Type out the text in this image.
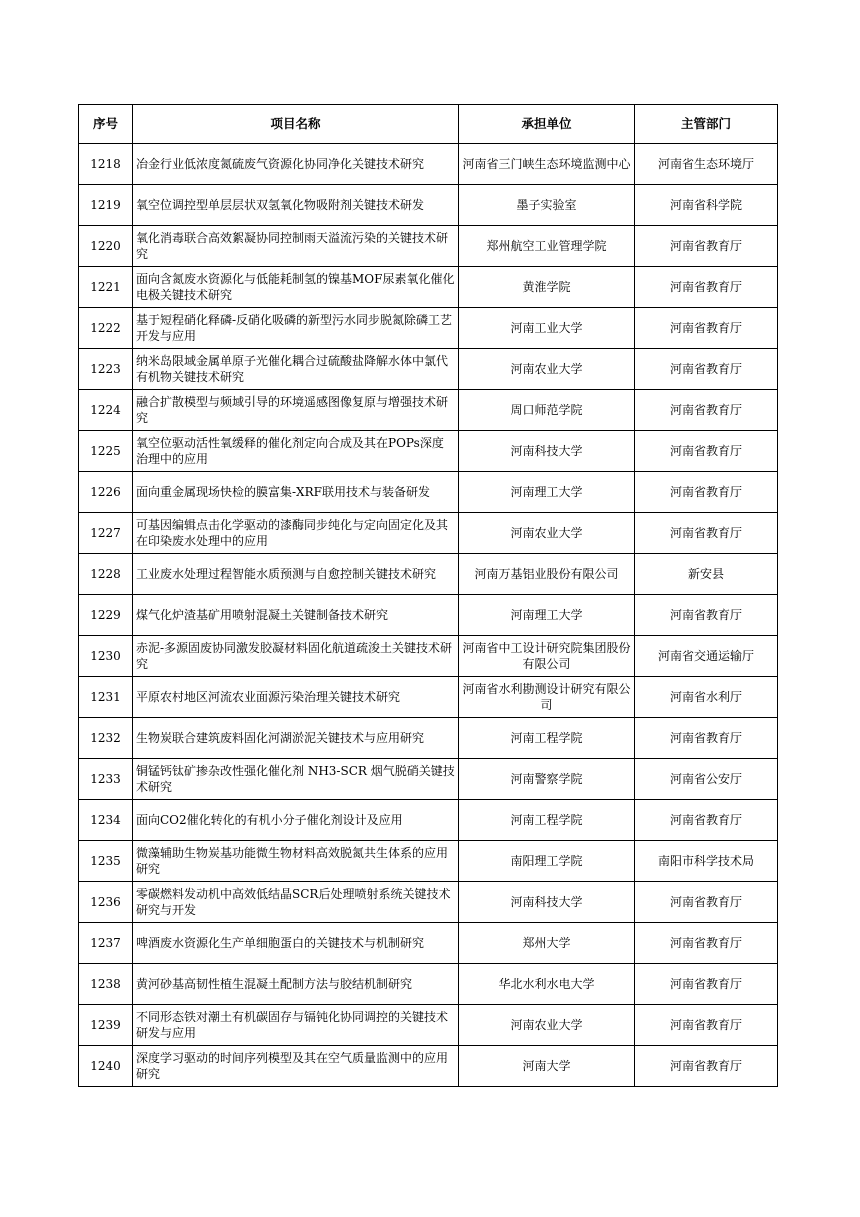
序号	项目名称	承担单位	主管部门
1218	冶金行业低浓度氮硫废气资源化协同净化关键技术研究	河南省三门峡生态环境监测中心	河南省生态环境厅
1219	氧空位调控型单层层状双氢氧化物吸附剂关键技术研发	墨子实验室	河南省科学院
1220	氧化消毒联合高效絮凝协同控制雨天溢流污染的关键技术研究	郑州航空工业管理学院	河南省教育厅
1221	面向含氮废水资源化与低能耗制氢的镍基MOF尿素氧化催化电极关键技术研究	黄淮学院	河南省教育厅
1222	基于短程硝化释磷-反硝化吸磷的新型污水同步脱氮除磷工艺开发与应用	河南工业大学	河南省教育厅
1223	纳米岛限域金属单原子光催化耦合过硫酸盐降解水体中氯代有机物关键技术研究	河南农业大学	河南省教育厅
1224	融合扩散模型与频域引导的环境遥感图像复原与增强技术研究	周口师范学院	河南省教育厅
1225	氧空位驱动活性氧缓释的催化剂定向合成及其在POPs深度治理中的应用	河南科技大学	河南省教育厅
1226	面向重金属现场快检的膜富集-XRF联用技术与装备研发	河南理工大学	河南省教育厅
1227	可基因编辑点击化学驱动的漆酶同步纯化与定向固定化及其在印染废水处理中的应用	河南农业大学	河南省教育厅
1228	工业废水处理过程智能水质预测与自愈控制关键技术研究	河南万基铝业股份有限公司	新安县
1229	煤气化炉渣基矿用喷射混凝土关键制备技术研究	河南理工大学	河南省教育厅
1230	赤泥-多源固废协同激发胶凝材料固化航道疏浚土关键技术研究	河南省中工设计研究院集团股份有限公司	河南省交通运输厅
1231	平原农村地区河流农业面源污染治理关键技术研究	河南省水利勘测设计研究有限公司	河南省水利厅
1232	生物炭联合建筑废料固化河湖淤泥关键技术与应用研究	河南工程学院	河南省教育厅
1233	铜锰钙钛矿掺杂改性强化催化剂 NH3-SCR 烟气脱硝关键技术研究	河南警察学院	河南省公安厅
1234	面向CO2催化转化的有机小分子催化剂设计及应用	河南工程学院	河南省教育厅
1235	微藻辅助生物炭基功能微生物材料高效脱氮共生体系的应用研究	南阳理工学院	南阳市科学技术局
1236	零碳燃料发动机中高效低结晶SCR后处理喷射系统关键技术研究与开发	河南科技大学	河南省教育厅
1237	啤酒废水资源化生产单细胞蛋白的关键技术与机制研究	郑州大学	河南省教育厅
1238	黄河砂基高韧性植生混凝土配制方法与胶结机制研究	华北水利水电大学	河南省教育厅
1239	不同形态铁对潮土有机碳固存与镉钝化协同调控的关键技术研发与应用	河南农业大学	河南省教育厅
1240	深度学习驱动的时间序列模型及其在空气质量监测中的应用研究	河南大学	河南省教育厅
